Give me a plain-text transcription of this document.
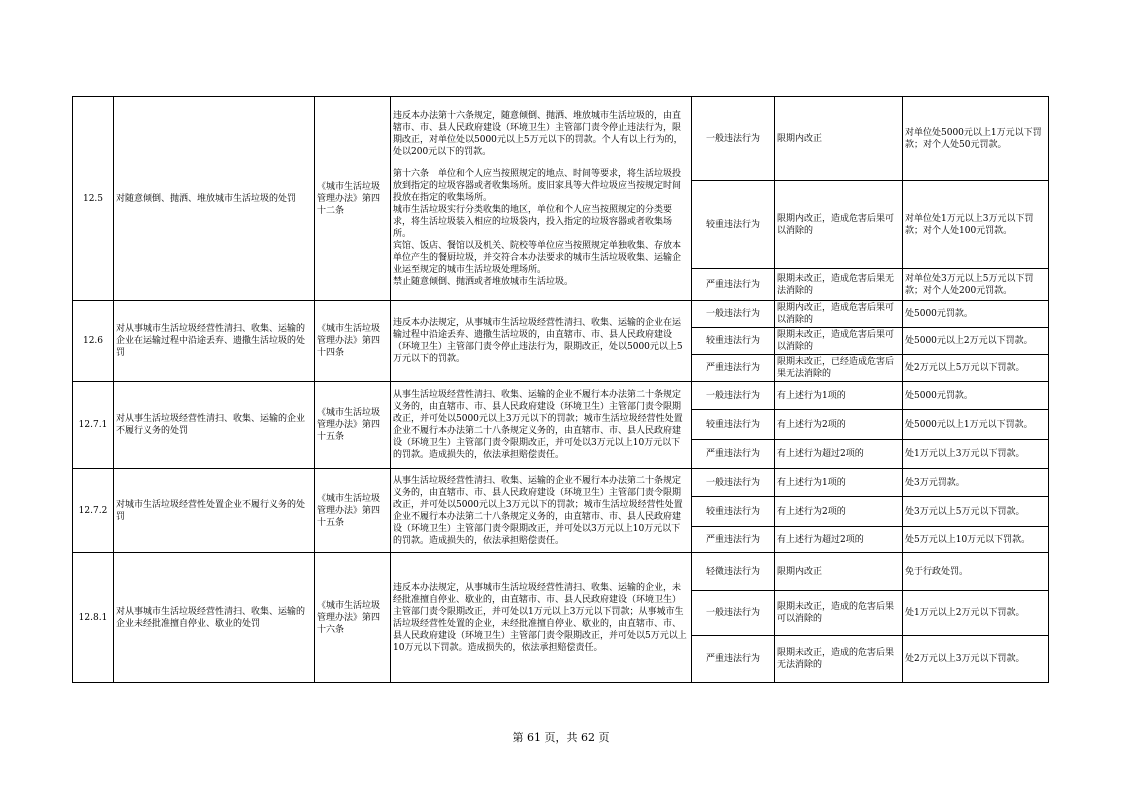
12.5	对随意倾倒、抛洒、堆放城市生活垃圾的处罚	《城市生活垃圾管理办法》第四十二条	违反本办法第十六条规定，随意倾倒、抛洒、堆放城市生活垃圾的，由直辖市、市、县人民政府建设（环境卫生）主管部门责令停止违法行为，限期改正，对单位处以5000元以上5万元以下的罚款。个人有以上行为的，处以200元以下的罚款。
第十六条　单位和个人应当按照规定的地点、时间等要求，将生活垃圾投放到指定的垃圾容器或者收集场所。废旧家具等大件垃圾应当按规定时间投放在指定的收集场所。
城市生活垃圾实行分类收集的地区，单位和个人应当按照规定的分类要求，将生活垃圾装入相应的垃圾袋内，投入指定的垃圾容器或者收集场所。
宾馆、饭店、餐馆以及机关、院校等单位应当按照规定单独收集、存放本单位产生的餐厨垃圾，并交符合本办法要求的城市生活垃圾收集、运输企业运至规定的城市生活垃圾处理场所。
禁止随意倾倒、抛洒或者堆放城市生活垃圾。	一般违法行为	限期内改正	对单位处5000元以上1万元以下罚款；对个人处50元罚款。
				较重违法行为	限期内改正，造成危害后果可以消除的	对单位处1万元以上3万元以下罚款；对个人处100元罚款。
				严重违法行为	限期未改正，造成危害后果无法消除的	对单位处3万元以上5万元以下罚款；对个人处200元罚款。
12.6	对从事城市生活垃圾经营性清扫、收集、运输的企业在运输过程中沿途丢弃、遗撒生活垃圾的处罚	《城市生活垃圾管理办法》第四十四条	违反本办法规定，从事城市生活垃圾经营性清扫、收集、运输的企业在运输过程中沿途丢弃、遗撒生活垃圾的，由直辖市、市、县人民政府建设（环境卫生）主管部门责令停止违法行为，限期改正，处以5000元以上5万元以下的罚款。	一般违法行为	限期内改正，造成危害后果可以消除的	处5000元罚款。
				较重违法行为	限期未改正，造成危害后果可以消除的	处5000元以上2万元以下罚款。
				严重违法行为	限期未改正，已经造成危害后果无法消除的	处2万元以上5万元以下罚款。
12.7.1	对从事生活垃圾经营性清扫、收集、运输的企业不履行义务的处罚	《城市生活垃圾管理办法》第四十五条	从事生活垃圾经营性清扫、收集、运输的企业不履行本办法第二十条规定义务的，由直辖市、市、县人民政府建设（环境卫生）主管部门责令限期改正，并可处以5000元以上3万元以下的罚款；城市生活垃圾经营性处置企业不履行本办法第二十八条规定义务的，由直辖市、市、县人民政府建设（环境卫生）主管部门责令限期改正，并可处以3万元以上10万元以下的罚款。造成损失的，依法承担赔偿责任。	一般违法行为	有上述行为1项的	处5000元罚款。
				较重违法行为	有上述行为2项的	处5000元以上1万元以下罚款。
				严重违法行为	有上述行为超过2项的	处1万元以上3万元以下罚款。
12.7.2	对城市生活垃圾经营性处置企业不履行义务的处罚	《城市生活垃圾管理办法》第四十五条	从事生活垃圾经营性清扫、收集、运输的企业不履行本办法第二十条规定义务的，由直辖市、市、县人民政府建设（环境卫生）主管部门责令限期改正，并可处以5000元以上3万元以下的罚款；城市生活垃圾经营性处置企业不履行本办法第二十八条规定义务的，由直辖市、市、县人民政府建设（环境卫生）主管部门责令限期改正，并可处以3万元以上10万元以下的罚款。造成损失的，依法承担赔偿责任。	一般违法行为	有上述行为1项的	处3万元罚款。
				较重违法行为	有上述行为2项的	处3万元以上5万元以下罚款。
				严重违法行为	有上述行为超过2项的	处5万元以上10万元以下罚款。
12.8.1	对从事城市生活垃圾经营性清扫、收集、运输的企业未经批准擅自停业、歇业的处罚	《城市生活垃圾管理办法》第四十六条	违反本办法规定，从事城市生活垃圾经营性清扫、收集、运输的企业，未经批准擅自停业、歇业的，由直辖市、市、县人民政府建设（环境卫生）主管部门责令限期改正，并可处以1万元以上3万元以下罚款；从事城市生活垃圾经营性处置的企业，未经批准擅自停业、歇业的，由直辖市、市、县人民政府建设（环境卫生）主管部门责令限期改正，并可处以5万元以上10万元以下罚款。造成损失的，依法承担赔偿责任。	轻微违法行为	限期内改正	免于行政处罚。
				一般违法行为	限期未改正，造成的危害后果可以消除的	处1万元以上2万元以下罚款。
				严重违法行为	限期未改正，造成的危害后果无法消除的	处2万元以上3万元以下罚款。
第 61 页，共 62 页
